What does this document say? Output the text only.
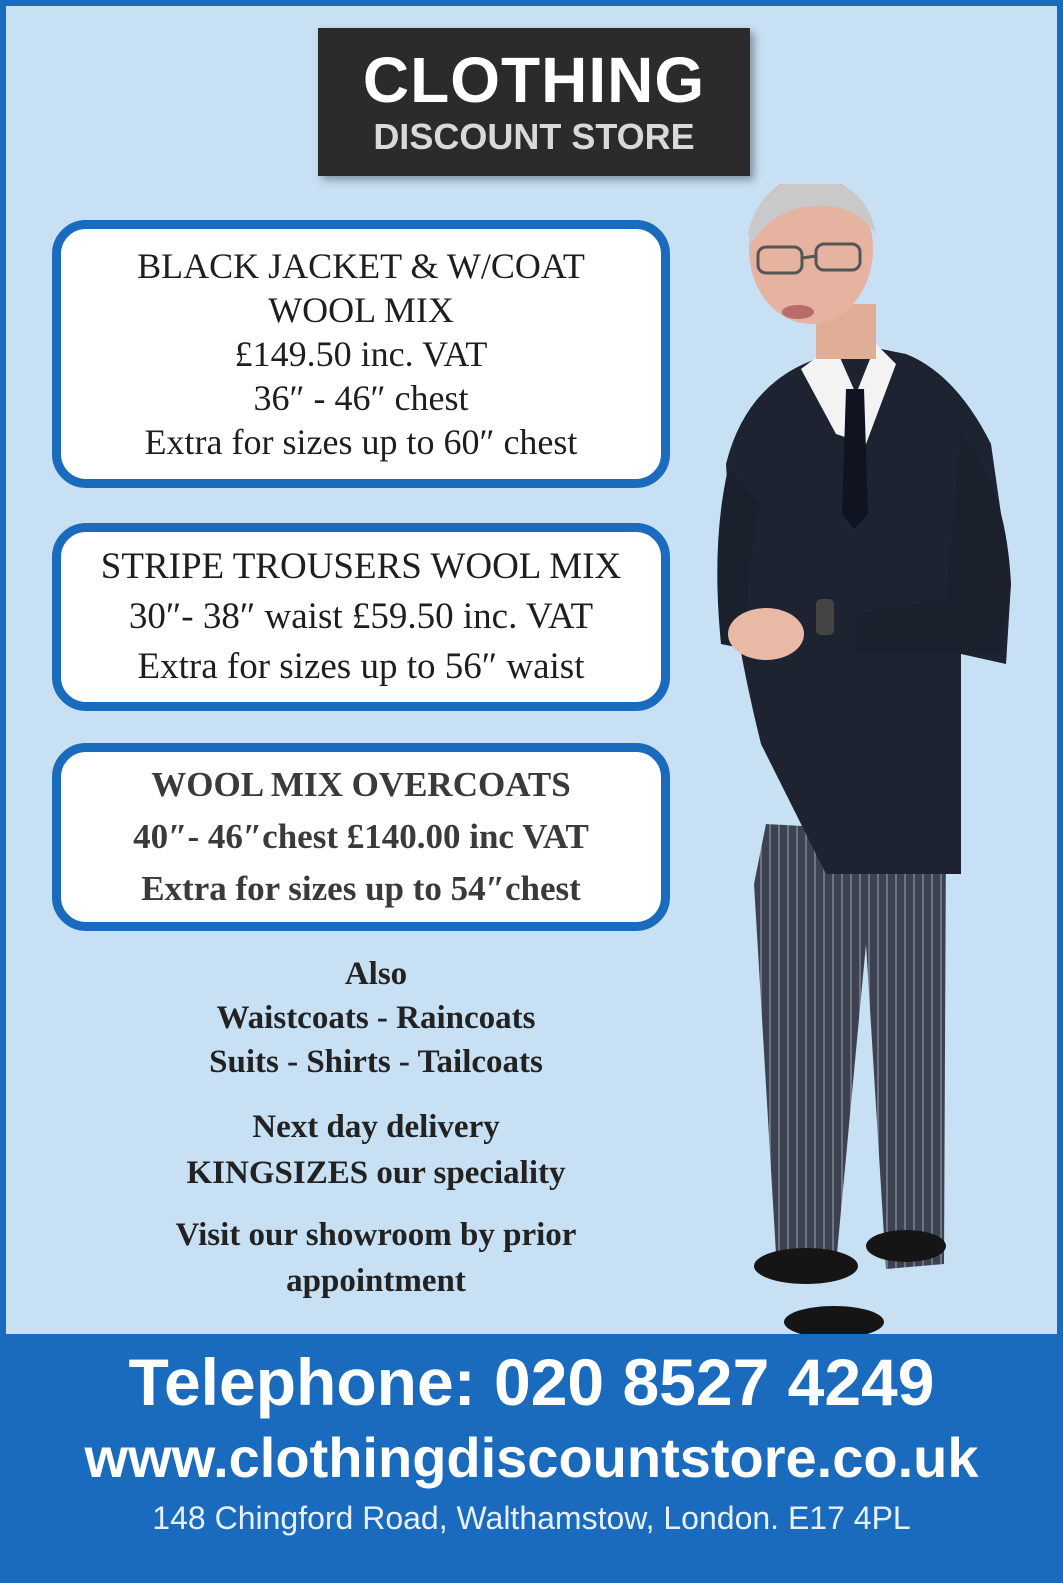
CLOTHING
DISCOUNT STORE
BLACK JACKET & W/COAT
WOOL MIX
£149.50 inc. VAT
36″ - 46″ chest
Extra for sizes up to 60″ chest
STRIPE TROUSERS WOOL MIX
30″- 38″ waist £59.50 inc. VAT
Extra for sizes up to 56″ waist
WOOL MIX OVERCOATS
40″- 46″chest £140.00 inc VAT
Extra for sizes up to 54″chest
Also
Waistcoats - Raincoats
Suits - Shirts - Tailcoats
Next day delivery
KINGSIZES our speciality
Visit our showroom by prior
appointment
Telephone: 020 8527 4249
www.clothingdiscountstore.co.uk
148 Chingford Road, Walthamstow, London. E17 4PL
